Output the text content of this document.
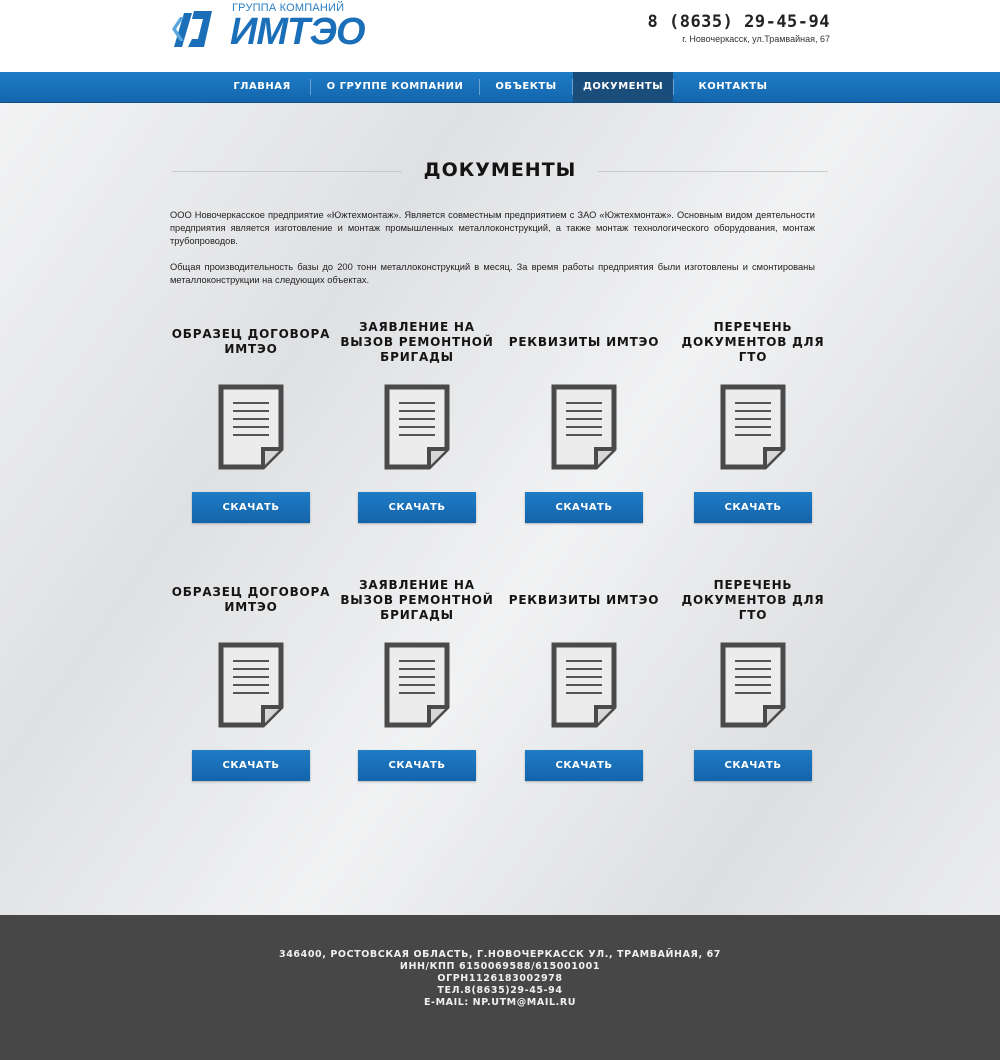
ГРУППА КОМПАНИЙ
ИМТЭО	8 (8635) 29-45-94
г. Новочеркасск, ул.Трамвайная, 67
ГЛАВНАЯ	О ГРУППЕ КОМПАНИИ	ОБЪЕКТЫ	ДОКУМЕНТЫ	КОНТАКТЫ
ДОКУМЕНТЫ

ООО Новочеркасское предприятие «Южтехмонтаж». Является совместным предприятием с ЗАО «Южтехмонтаж». Основным видом деятельности предприятия является изготовление и монтаж промышленных металлоконструкций, а также монтаж технологического оборудования, монтаж трубопроводов.

Общая производительность базы до 200 тонн металлоконструкций в месяц. За время работы предприятия были изготовлены и смонтированы металлоконструкции на следующих объектах.

ОБРАЗЕЦ ДОГОВОРА ИМТЭО
СКАЧАТЬ
ЗАЯВЛЕНИЕ НА ВЫЗОВ РЕМОНТНОЙ БРИГАДЫ
СКАЧАТЬ
РЕКВИЗИТЫ ИМТЭО
СКАЧАТЬ
ПЕРЕЧЕНЬ ДОКУМЕНТОВ ДЛЯ ГТО
СКАЧАТЬ
ОБРАЗЕЦ ДОГОВОРА ИМТЭО
СКАЧАТЬ
ЗАЯВЛЕНИЕ НА ВЫЗОВ РЕМОНТНОЙ БРИГАДЫ
СКАЧАТЬ
РЕКВИЗИТЫ ИМТЭО
СКАЧАТЬ
ПЕРЕЧЕНЬ ДОКУМЕНТОВ ДЛЯ ГТО
СКАЧАТЬ
346400, РОСТОВСКАЯ ОБЛАСТЬ, Г.НОВОЧЕРКАССК УЛ., ТРАМВАЙНАЯ, 67
ИНН/КПП 6150069588/615001001
ОГРН1126183002978
ТЕЛ.8(8635)29-45-94
E-MAIL: NP.UTM@MAIL.RU
